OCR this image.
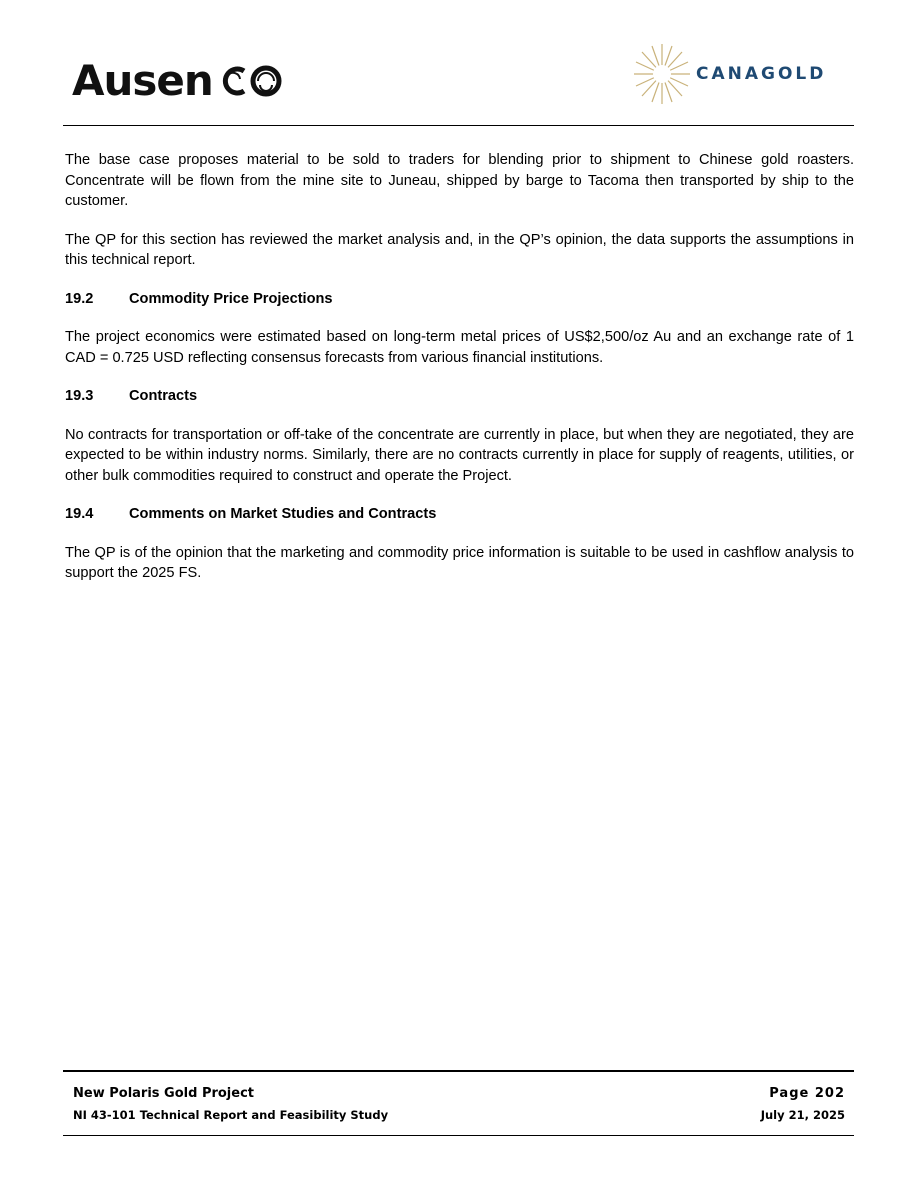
Ausen	CANAGOLD

The base case proposes material to be sold to traders for blending prior to shipment to Chinese gold roasters. Concentrate will be flown from the mine site to Juneau, shipped by barge to Tacoma then transported by ship to the customer.

The QP for this section has reviewed the market analysis and, in the QP’s opinion, the data supports the assumptions in this technical report.

19.2	Commodity Price Projections

The project economics were estimated based on long-term metal prices of US$2,500/oz Au and an exchange rate of 1 CAD = 0.725 USD reflecting consensus forecasts from various financial institutions.

19.3	Contracts

No contracts for transportation or off-take of the concentrate are currently in place, but when they are negotiated, they are expected to be within industry norms. Similarly, there are no contracts currently in place for supply of reagents, utilities, or other bulk commodities required to construct and operate the Project.

19.4	Comments on Market Studies and Contracts

The QP is of the opinion that the marketing and commodity price information is suitable to be used in cashflow analysis to support the 2025 FS.

New Polaris Gold Project
NI 43-101 Technical Report and Feasibility Study
Page 202
July 21, 2025
